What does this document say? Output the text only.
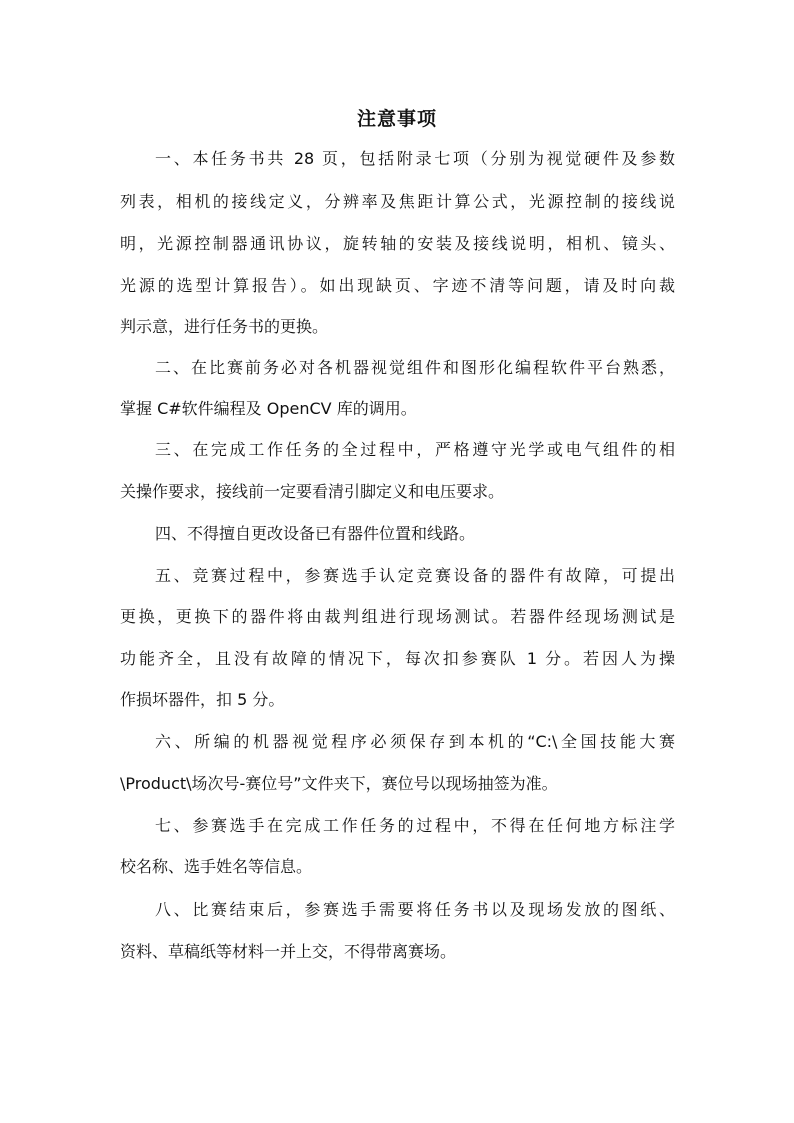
注意事项
一、本任务书共 28 页，包括附录七项（分别为视觉硬件及参数
列表，相机的接线定义，分辨率及焦距计算公式，光源控制的接线说
明，光源控制器通讯协议，旋转轴的安装及接线说明，相机、镜头、
光源的选型计算报告）。如出现缺页、字迹不清等问题，请及时向裁
判示意，进行任务书的更换。
二、在比赛前务必对各机器视觉组件和图形化编程软件平台熟悉，
掌握 C#软件编程及 OpenCV 库的调用。
三、在完成工作任务的全过程中，严格遵守光学或电气组件的相
关操作要求，接线前一定要看清引脚定义和电压要求。
四、不得擅自更改设备已有器件位置和线路。
五、竞赛过程中，参赛选手认定竞赛设备的器件有故障，可提出
更换，更换下的器件将由裁判组进行现场测试。若器件经现场测试是
功能齐全，且没有故障的情况下，每次扣参赛队 1 分。若因人为操
作损坏器件，扣 5 分。
六、所编的机器视觉程序必须保存到本机的“C:\全国技能大赛
\Product\场次号-赛位号”文件夹下，赛位号以现场抽签为准。
七、参赛选手在完成工作任务的过程中，不得在任何地方标注学
校名称、选手姓名等信息。
八、比赛结束后，参赛选手需要将任务书以及现场发放的图纸、
资料、草稿纸等材料一并上交，不得带离赛场。
